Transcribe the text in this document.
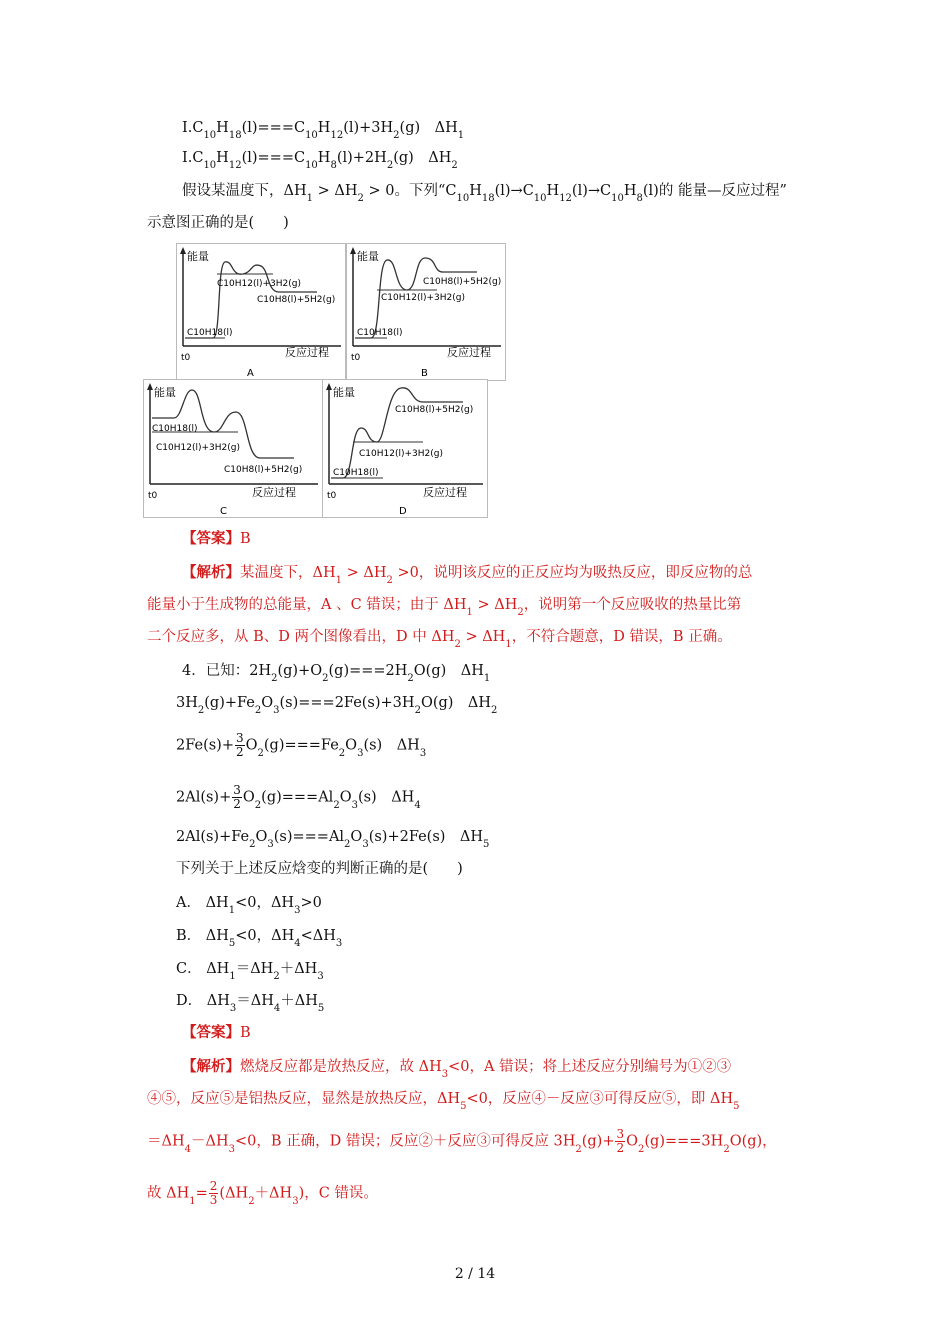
$Ⅰ.C_{10}H_{18}(l)===C_{10}H_{12}(l)+3H_2(g)$　$\Delta H_1$
$Ⅰ.C_{10}H_{12}(l)===C_{10}H_8(l)+2H_2(g)$　$\Delta H_2$
假设某温度下，$\Delta H_1 > \Delta H_2 > 0$。下列“$C_{10}H_{18}(l)\to C_{10}H_{12}(l)\to C_{10}H_8(l)$的 能量—反应过程”
示意图正确的是(　　)
能量
t0	反应过程
C10H18(l)
C10H12(l)+3H2(g)
C10H8(l)+5H2(g)
A
能量
t0	反应过程
C10H18(l)
C10H8(l)+5H2(g)
C10H12(l)+3H2(g)
B
能量
t0	反应过程
C10H18(l)
C10H12(l)+3H2(g)
C10H8(l)+5H2(g)
C
能量
t0	反应过程
C10H8(l)+5H2(g)
C10H12(l)+3H2(g)
C10H18(l)
D
【答案】B
【解析】某温度下，$\Delta H_1 > \Delta H_2 >0$，说明该反应的正反应均为吸热反应，即反应物的总
能量小于生成物的总能量，A 、C 错误；由于 $\Delta H_1 > \Delta H_2$，说明第一个反应吸收的热量比第
二个反应多，从 B、D 两个图像看出，D 中 $\Delta H_2 > \Delta H_1$，不符合题意，D 错误，B 正确。
4．已知：$2H_2(g)+O_2(g)===2H_2O(g)$　$\Delta H_1$
$3H_2(g)+Fe_2O_3(s)===2Fe(s)+3H_2O(g)$　$\Delta H_2$
$2Fe(s)+ \frac{3}{2} O_2(g)===Fe_2O_3(s)$　$\Delta H_3$
$2Al(s)+ \frac{3}{2} O_2(g)===Al_2O_3(s)$　$\Delta H_4$
$2Al(s)+Fe_2O_3(s)===Al_2O_3(s)+2Fe(s)$　$\Delta H_5$
下列关于上述反应焓变的判断正确的是(　　)
A． $\Delta H_1<0$，$\Delta H_3>0$
B． $\Delta H_5<0$，$\Delta H_4<\Delta H_3$
C． $\Delta H_1=\Delta H_2+\Delta H_3$
D． $\Delta H_3=\Delta H_4+\Delta H_5$
【答案】B
【解析】燃烧反应都是放热反应，故 $\Delta H_3<0$，A 错误；将上述反应分别编号为①②③
④⑤，反应⑤是铝热反应，显然是放热反应，$\Delta H_5<0$，反应④－反应③可得反应⑤，即 $\Delta H_5$
$=\Delta H_4-\Delta H_3<0$，B 正确，D 错误；反应②＋反应③可得反应 $3H_2(g)+ \frac{3}{2} O_2(g)===3H_2O(g)$，
故 $\Delta H_1= \frac{2}{3} (\Delta H_2+\Delta H_3)$，C 错误。
2 / 14
